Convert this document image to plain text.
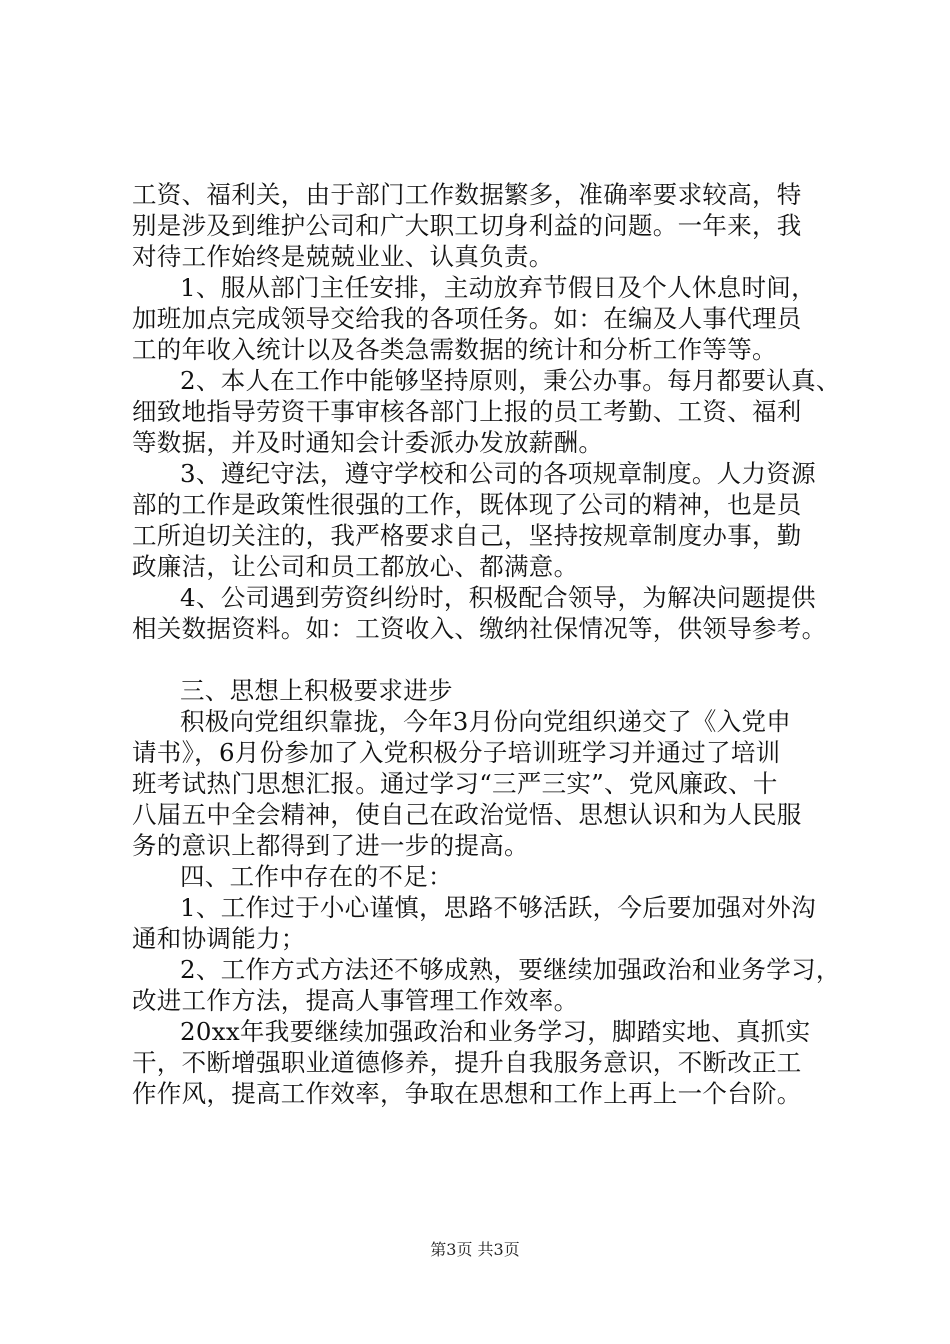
工资、福利关，由于部门工作数据繁多，准确率要求较高，特
别是涉及到维护公司和广大职工切身利益的问题。一年来，我
对待工作始终是兢兢业业、认真负责。
1、服从部门主任安排，主动放弃节假日及个人休息时间，
加班加点完成领导交给我的各项任务。如：在编及人事代理员
工的年收入统计以及各类急需数据的统计和分析工作等等。
2、本人在工作中能够坚持原则，秉公办事。每月都要认真、
细致地指导劳资干事审核各部门上报的员工考勤、工资、福利
等数据，并及时通知会计委派办发放薪酬。
3、遵纪守法，遵守学校和公司的各项规章制度。人力资源
部的工作是政策性很强的工作，既体现了公司的精神，也是员
工所迫切关注的，我严格要求自己，坚持按规章制度办事，勤
政廉洁，让公司和员工都放心、都满意。
4、公司遇到劳资纠纷时，积极配合领导，为解决问题提供
相关数据资料。如：工资收入、缴纳社保情况等，供领导参考。
三、思想上积极要求进步
积极向党组织靠拢，今年3月份向党组织递交了《入党申
请书》，6月份参加了入党积极分子培训班学习并通过了培训
班考试热门思想汇报。通过学习“三严三实”、党风廉政、十
八届五中全会精神，使自己在政治觉悟、思想认识和为人民服
务的意识上都得到了进一步的提高。
四、工作中存在的不足：
1、工作过于小心谨慎，思路不够活跃，今后要加强对外沟
通和协调能力；
2、工作方式方法还不够成熟，要继续加强政治和业务学习，
改进工作方法，提高人事管理工作效率。
20xx年我要继续加强政治和业务学习，脚踏实地、真抓实
干，不断增强职业道德修养，提升自我服务意识，不断改正工
作作风，提高工作效率，争取在思想和工作上再上一个台阶。
第3页 共3页
